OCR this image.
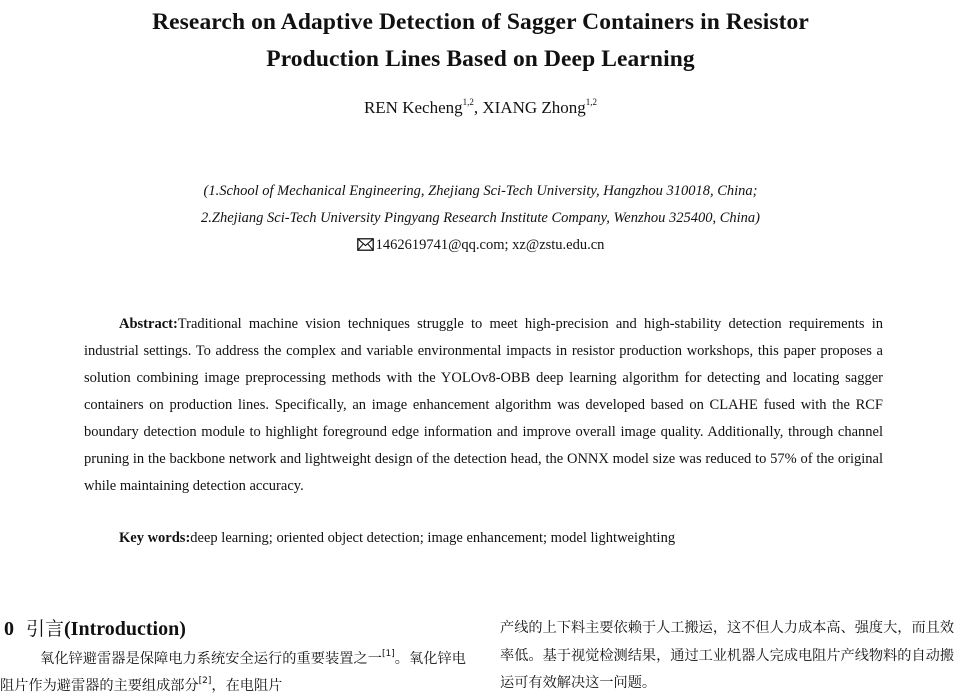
Research on Adaptive Detection of Sagger Containers in Resistor
Production Lines Based on Deep Learning
REN Kecheng$^{1,2}$, XIANG Zhong$^{1,2}$
(1.School of Mechanical Engineering, Zhejiang Sci-Tech University, Hangzhou 310018, China;
2.Zhejiang Sci-Tech University Pingyang Research Institute Company, Wenzhou 325400, China)
1462619741@qq.com; xz@zstu.edu.cn

Abstract:Traditional machine vision techniques struggle to meet high-precision and high-stability detection requirements in industrial settings. To address the complex and variable environmental impacts in resistor production workshops, this paper proposes a solution combining image preprocessing methods with the YOLOv8-OBB deep learning algorithm for detecting and locating sagger containers on production lines. Specifically, an image enhancement algorithm was developed based on CLAHE fused with the RCF boundary detection module to highlight foreground edge information and improve overall image quality. Additionally, through channel pruning in the backbone network and lightweight design of the detection head, the ONNX model size was reduced to 57% of the original while maintaining detection accuracy.

Key words:deep learning; oriented object detection; image enhancement; model lightweighting
0 引言(Introduction)

氧化锌避雷器是保障电力系统安全运行的重要装置之一[1]。氧化锌电阻片作为避雷器的主要组成部分[2]，在电阻片

产线的上下料主要依赖于人工搬运，这不但人力成本高、强度大，而且效率低。基于视觉检测结果，通过工业机器人完成电阻片产线物料的自动搬运可有效解决这一问题。
